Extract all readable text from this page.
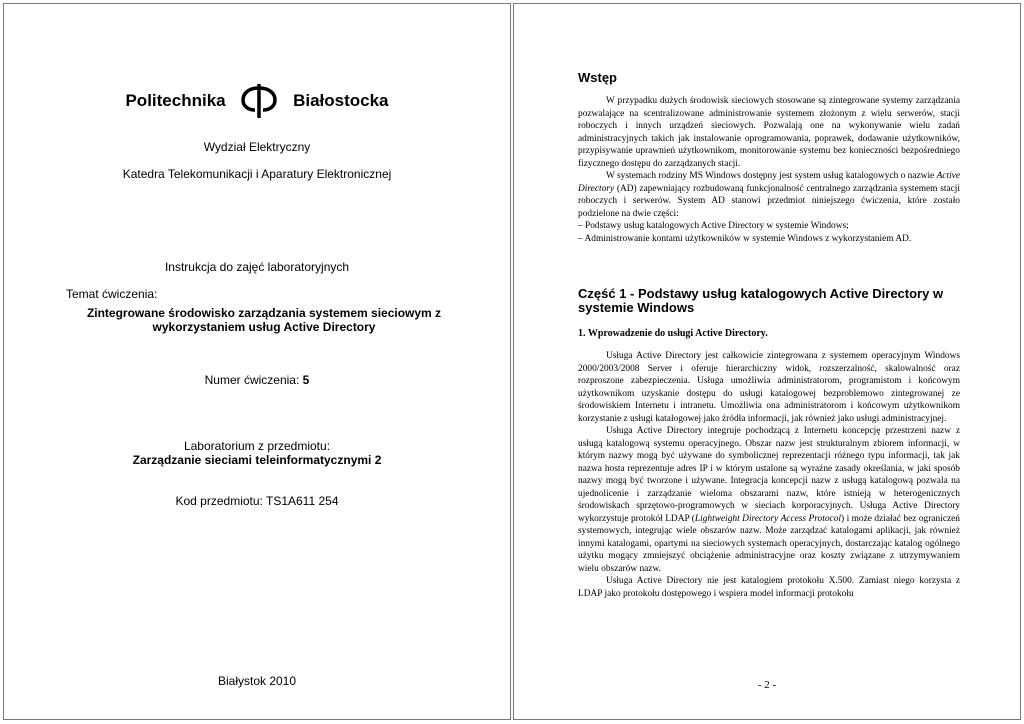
Politechnika	Białostocka
Wydział Elektryczny
Katedra Telekomunikacji i Aparatury Elektronicznej
Instrukcja do zajęć laboratoryjnych
Temat ćwiczenia:
Zintegrowane środowisko zarządzania systemem sieciowym z wykorzystaniem usług Active Directory
Numer ćwiczenia: 5
Laboratorium z przedmiotu:
Zarządzanie sieciami teleinformatycznymi 2
Kod przedmiotu: TS1A611 254
Białystok 2010
Wstęp

W przypadku dużych środowisk sieciowych stosowane są zintegrowane systemy zarządzania pozwalające na scentralizowane administrowanie systemem złożonym z wielu serwerów, stacji roboczych i innych urządzeń sieciowych. Pozwalają one na wykonywanie wielu zadań administracyjnych takich jak instalowanie oprogramowania, poprawek, dodawanie użytkowników, przypisywanie uprawnień użytkownikom, monitorowanie systemu bez konieczności bezpośredniego fizycznego dostępu do zarządzanych stacji.

W systemach rodziny MS Windows dostępny jest system usług katalogowych o nazwie Active Directory (AD) zapewniający rozbudowaną funkcjonalność centralnego zarządzania systemem stacji roboczych i serwerów. System AD stanowi przedmiot niniejszego ćwiczenia, które zostało podzielone na dwie części:

– Podstawy usług katalogowych Active Directory w systemie Windows;

– Administrowanie kontami użytkowników w systemie Windows z wykorzystaniem AD.

Część 1 - Podstawy usług katalogowych Active Directory w systemie Windows
1. Wprowadzenie do usługi Active Directory.

Usługa Active Directory jest całkowicie zintegrowana z systemem operacyjnym Windows 2000/2003/2008 Server i oferuje hierarchiczny widok, rozszerzalność, skalowalność oraz rozproszone zabezpieczenia. Usługa umożliwia administratorom, programistom i końcowym użytkownikom uzyskanie dostępu do usługi katalogowej bezproblemowo zintegrowanej ze środowiskiem Internetu i intranetu. Umożliwia ona administratorom i końcowym użytkownikom korzystanie z usługi katalogowej jako źródła informacji, jak również jako usługi administracyjnej.

Usługa Active Directory integruje pochodzącą z Internetu koncepcję przestrzeni nazw z usługą katalogową systemu operacyjnego. Obszar nazw jest strukturalnym zbiorem informacji, w którym nazwy mogą być używane do symbolicznej reprezentacji różnego typu informacji, tak jak nazwa hosta reprezentuje adres IP i w którym ustalone są wyraźne zasady określania, w jaki sposób nazwy mogą być tworzone i używane. Integracja koncepcji nazw z usługą katalogową pozwala na ujednolicenie i zarządzanie wieloma obszarami nazw, które istnieją w heterogenicznych środowiskach sprzętowo-programowych w sieciach korporacyjnych. Usługa Active Directory wykorzystuje protokół LDAP (Lightweight Directory Access Protocol) i może działać bez ograniczeń systemowych, integrując wiele obszarów nazw. Może zarządzać katalogami aplikacji, jak również innymi katalogami, opartymi na sieciowych systemach operacyjnych, dostarczając katalog ogólnego użytku mogący zmniejszyć obciążenie administracyjne oraz koszty związane z utrzymywaniem wielu obszarów nazw.

Usługa Active Directory nie jest katalogiem protokołu X.500. Zamiast niego korzysta z LDAP jako protokołu dostępowego i wspiera model informacji protokołu

- 2 -
